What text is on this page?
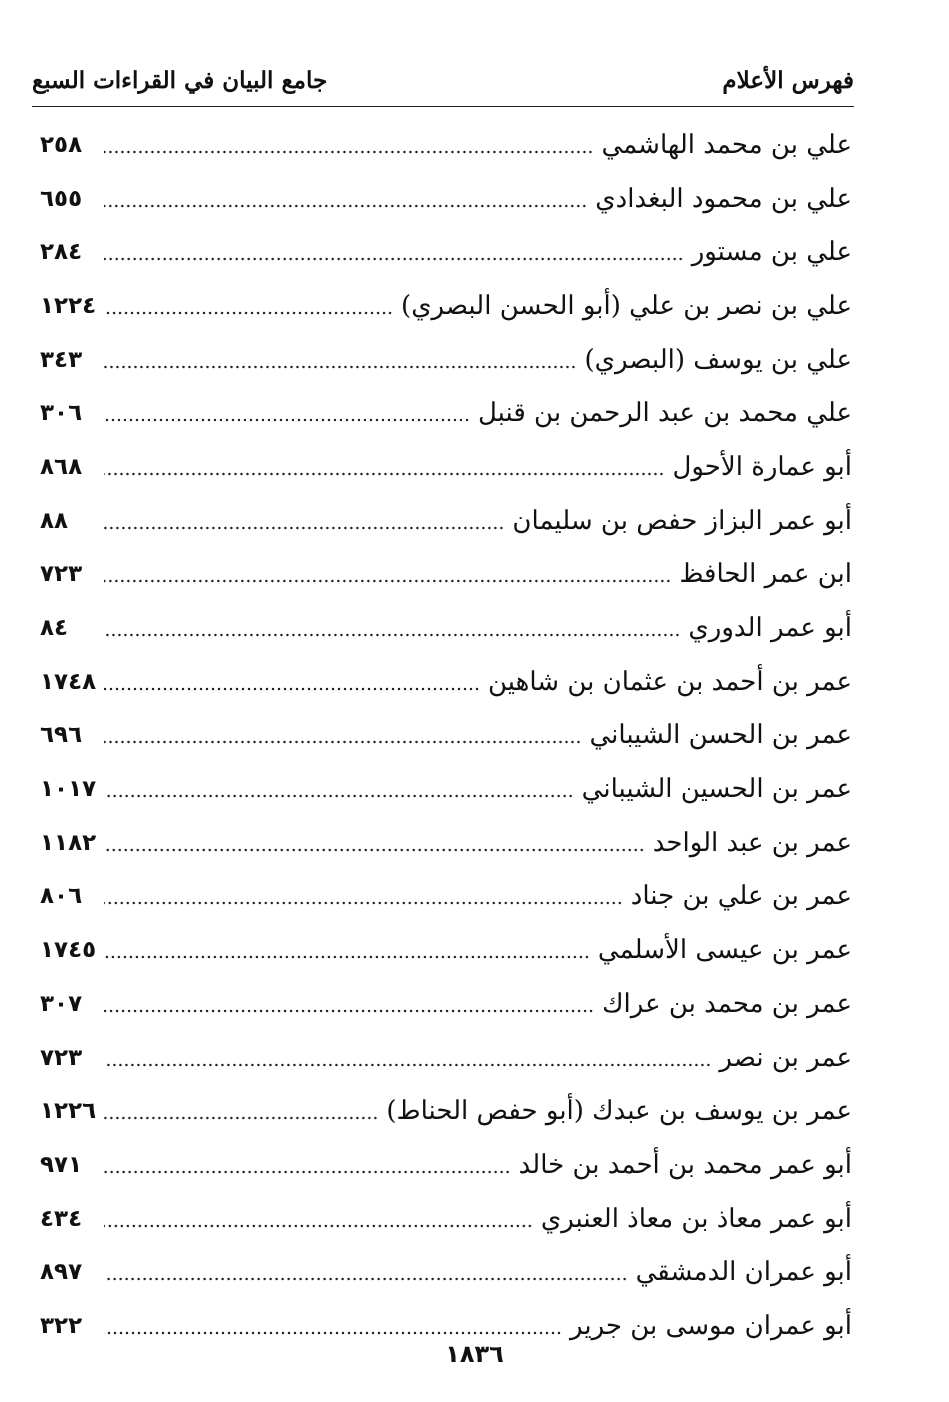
فهرس الأعلام
جامع البيان في القراءات السبع
علي بن محمد الهاشمي
٢٥٨
علي بن محمود البغدادي
٦٥٥
علي بن مستور
٢٨٤
علي بن نصر بن علي (أبو الحسن البصري)
١٢٢٤
علي بن يوسف (البصري)
٣٤٣
علي محمد بن عبد الرحمن بن قنبل
٣٠٦
أبو عمارة الأحول
٨٦٨
أبو عمر البزاز حفص بن سليمان
٨٨
ابن عمر الحافظ
٧٢٣
أبو عمر الدوري
٨٤
عمر بن أحمد بن عثمان بن شاهين
١٧٤٨
عمر بن الحسن الشيباني
٦٩٦
عمر بن الحسين الشيباني
١٠١٧
عمر بن عبد الواحد
١١٨٢
عمر بن علي بن جناد
٨٠٦
عمر بن عيسى الأسلمي
١٧٤٥
عمر بن محمد بن عراك
٣٠٧
عمر بن نصر
٧٢٣
عمر بن يوسف بن عبدك (أبو حفص الحناط)
١٢٢٦
أبو عمر محمد بن أحمد بن خالد
٩٧١
أبو عمر معاذ بن معاذ العنبري
٤٣٤
أبو عمران الدمشقي
٨٩٧
أبو عمران موسى بن جرير
٣٢٢
١٨٣٦
